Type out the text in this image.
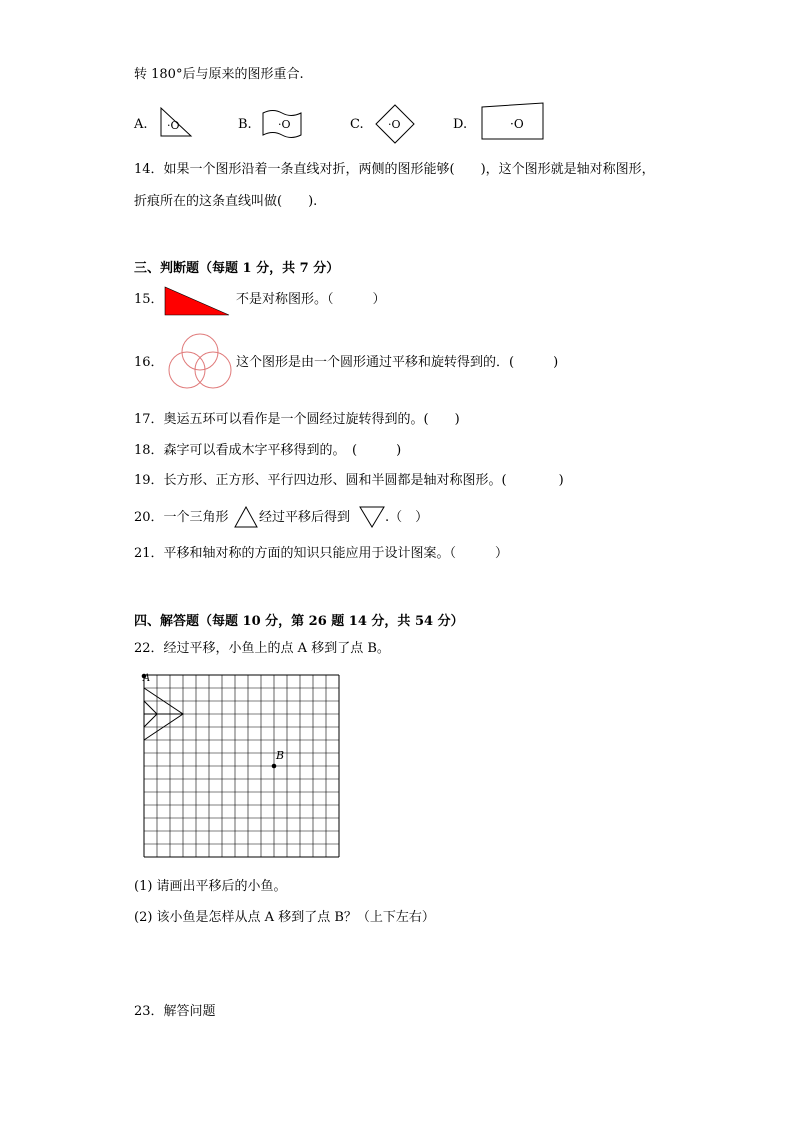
转 180°后与原来的图形重合.
A. ·O	B. ·O	C. ·O	D.	·O
14．如果一个图形沿着一条直线对折，两侧的图形能够(　　)，这个图形就是轴对称图形，
折痕所在的这条直线叫做(　　).
三、判断题（每题 1 分，共 7 分）
15．	不是对称图形。（　　　）
16．	这个图形是由一个圆形通过平移和旋转得到的．(　　　)
17．奥运五环可以看作是一个圆经过旋转得到的。(　　)
18．森字可以看成木字平移得到的。　(　　　)
19．长方形、正方形、平行四边形、圆和半圆都是轴对称图形。(　　　　)
20．一个三角形 经过平移后得到	.（　）
21．平移和轴对称的方面的知识只能应用于设计图案。（　　　）
四、解答题（每题 10 分，第 26 题 14 分，共 54 分）
22．经过平移，小鱼上的点 A 移到了点 B。
A
B
(1) 请画出平移后的小鱼。
(2) 该小鱼是怎样从点 A 移到了点 B？（上下左右）
23．解答问题
